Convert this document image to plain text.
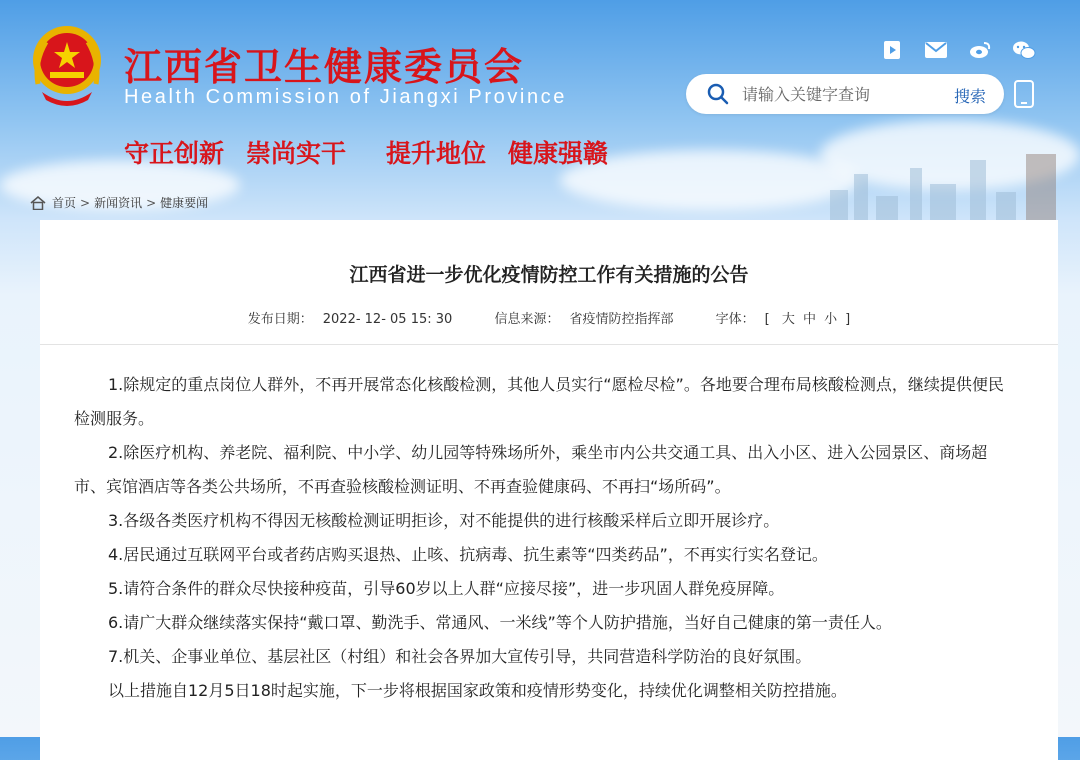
江西省卫生健康委员会
Health Commission of Jiangxi Province
守正创新 崇尚实干 提升地位 健康强赣
请输入关键字查询
搜索
首页 > 新闻资讯 > 健康要闻
江西省进一步优化疫情防控工作有关措施的公告
发布日期： 2022- 12- 05 15: 30	信息来源： 省疫情防控指挥部	字体： [ 大 中 小 ]

1.除规定的重点岗位人群外，不再开展常态化核酸检测，其他人员实行“愿检尽检”。各地要合理布局核酸检测点，继续提供便民检测服务。

2.除医疗机构、养老院、福利院、中小学、幼儿园等特殊场所外，乘坐市内公共交通工具、出入小区、进入公园景区、商场超市、宾馆酒店等各类公共场所，不再查验核酸检测证明、不再查验健康码、不再扫“场所码”。

3.各级各类医疗机构不得因无核酸检测证明拒诊，对不能提供的进行核酸采样后立即开展诊疗。

4.居民通过互联网平台或者药店购买退热、止咳、抗病毒、抗生素等“四类药品”，不再实行实名登记。

5.请符合条件的群众尽快接种疫苗，引导60岁以上人群“应接尽接”，进一步巩固人群免疫屏障。

6.请广大群众继续落实保持“戴口罩、勤洗手、常通风、一米线”等个人防护措施，当好自己健康的第一责任人。

7.机关、企事业单位、基层社区（村组）和社会各界加大宣传引导，共同营造科学防治的良好氛围。

以上措施自12月5日18时起实施，下一步将根据国家政策和疫情形势变化，持续优化调整相关防控措施。
